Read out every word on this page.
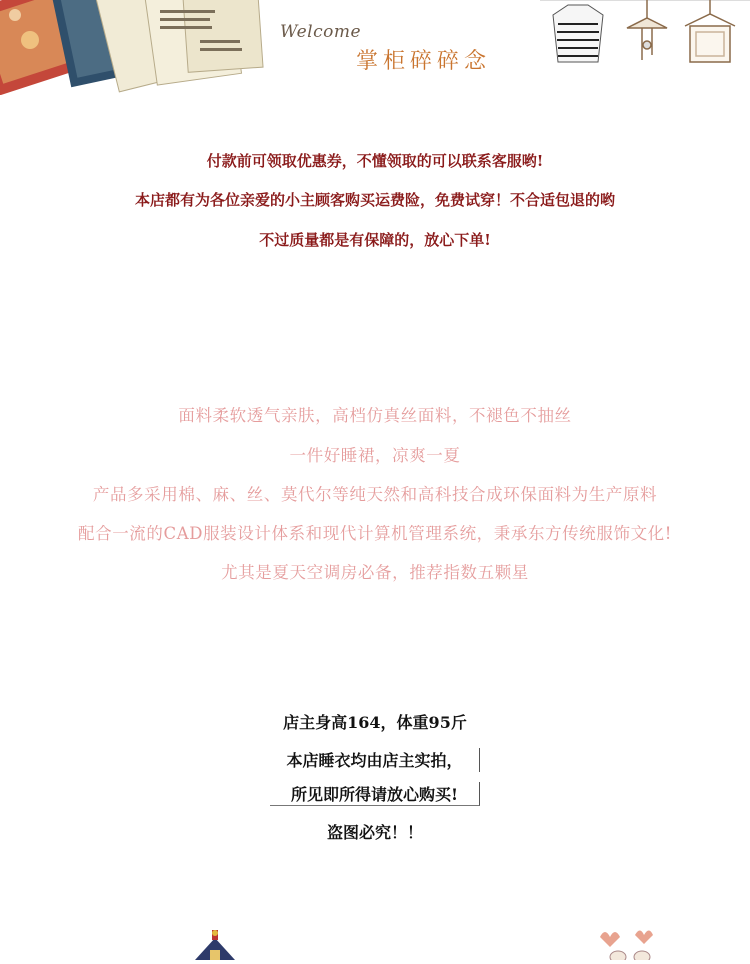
Welcome
掌柜碎碎念
付款前可领取优惠券，不懂领取的可以联系客服哟!
本店都有为各位亲爱的小主顾客购买运费险，免费试穿！不合适包退的哟
不过质量都是有保障的，放心下单!
面料柔软透气亲肤，高档仿真丝面料，不褪色不抽丝
一件好睡裙，凉爽一夏
产品多采用棉、麻、丝、莫代尔等纯天然和高科技合成环保面料为生产原料
配合一流的CAD服装设计体系和现代计算机管理系统，秉承东方传统服饰文化!
尤其是夏天空调房必备，推荐指数五颗星
店主身高164，体重95斤
本店睡衣均由店主实拍，
所见即所得请放心购买!
盗图必究！！
